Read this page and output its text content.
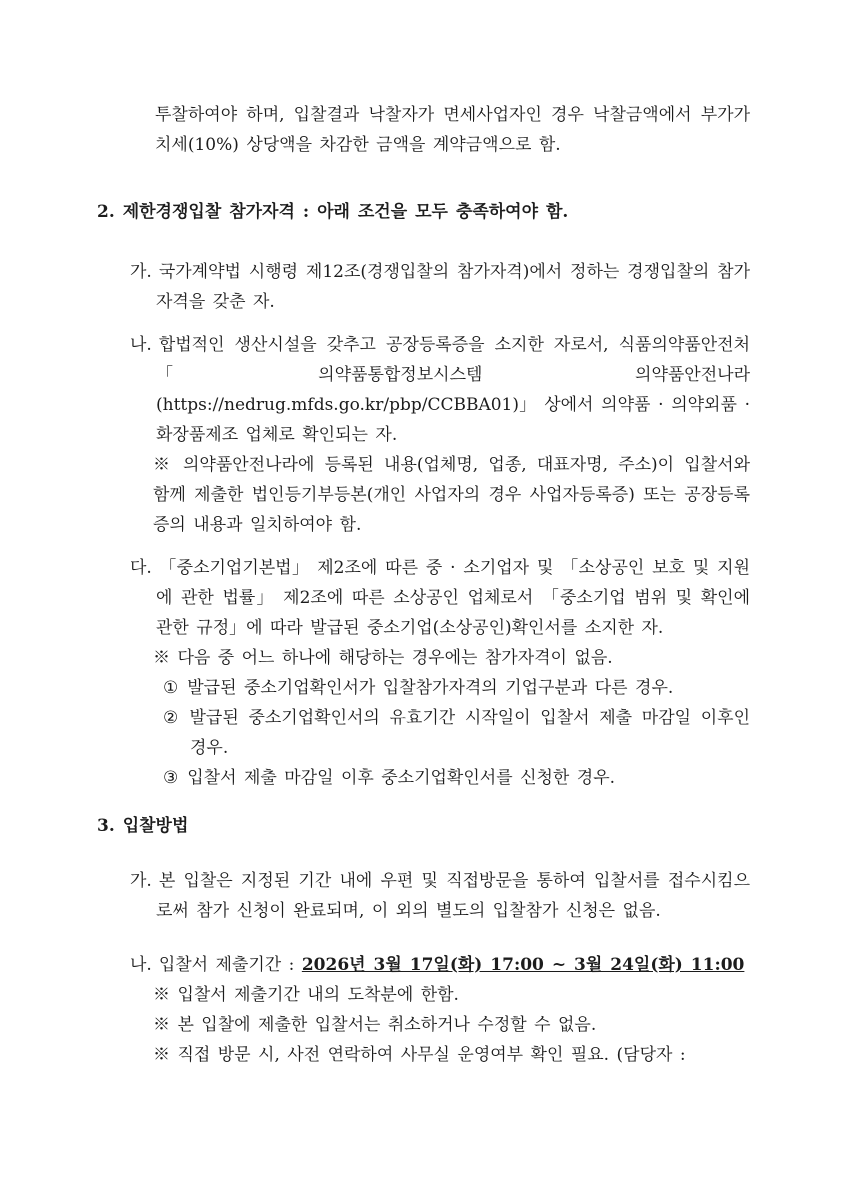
투찰하여야 하며, 입찰결과 낙찰자가 면세사업자인 경우 낙찰금액에서 부가가치세(10%) 상당액을 차감한 금액을 계약금액으로 함.

2. 제한경쟁입찰 참가자격 : 아래 조건을 모두 충족하여야 함.

가. 국가계약법 시행령 제12조(경쟁입찰의 참가자격)에서 정하는 경쟁입찰의 참가자격을 갖춘 자.

나. 합법적인 생산시설을 갖추고 공장등록증을 소지한 자로서, 식품의약품안전처 「의약품통합정보시스템 의약품안전나라(https://nedrug.mfds.go.kr/pbp/CCBBA01)」 상에서 의약품 · 의약외품 · 화장품제조 업체로 확인되는 자.

※ 의약품안전나라에 등록된 내용(업체명, 업종, 대표자명, 주소)이 입찰서와 함께 제출한 법인등기부등본(개인 사업자의 경우 사업자등록증) 또는 공장등록증의 내용과 일치하여야 함.

다. 「중소기업기본법」 제2조에 따른 중 · 소기업자 및 「소상공인 보호 및 지원에 관한 법률」 제2조에 따른 소상공인 업체로서 「중소기업 범위 및 확인에 관한 규정」에 따라 발급된 중소기업(소상공인)확인서를 소지한 자.

※ 다음 중 어느 하나에 해당하는 경우에는 참가자격이 없음.

① 발급된 중소기업확인서가 입찰참가자격의 기업구분과 다른 경우.

② 발급된 중소기업확인서의 유효기간 시작일이 입찰서 제출 마감일 이후인 경우.

③ 입찰서 제출 마감일 이후 중소기업확인서를 신청한 경우.

3. 입찰방법

가. 본 입찰은 지정된 기간 내에 우편 및 직접방문을 통하여 입찰서를 접수시킴으로써 참가 신청이 완료되며, 이 외의 별도의 입찰참가 신청은 없음.

나. 입찰서 제출기간 : 2026년 3월 17일(화) 17:00 ~ 3월 24일(화) 11:00

※ 입찰서 제출기간 내의 도착분에 한함.

※ 본 입찰에 제출한 입찰서는 취소하거나 수정할 수 없음.

※ 직접 방문 시, 사전 연락하여 사무실 운영여부 확인 필요. (담당자 :
